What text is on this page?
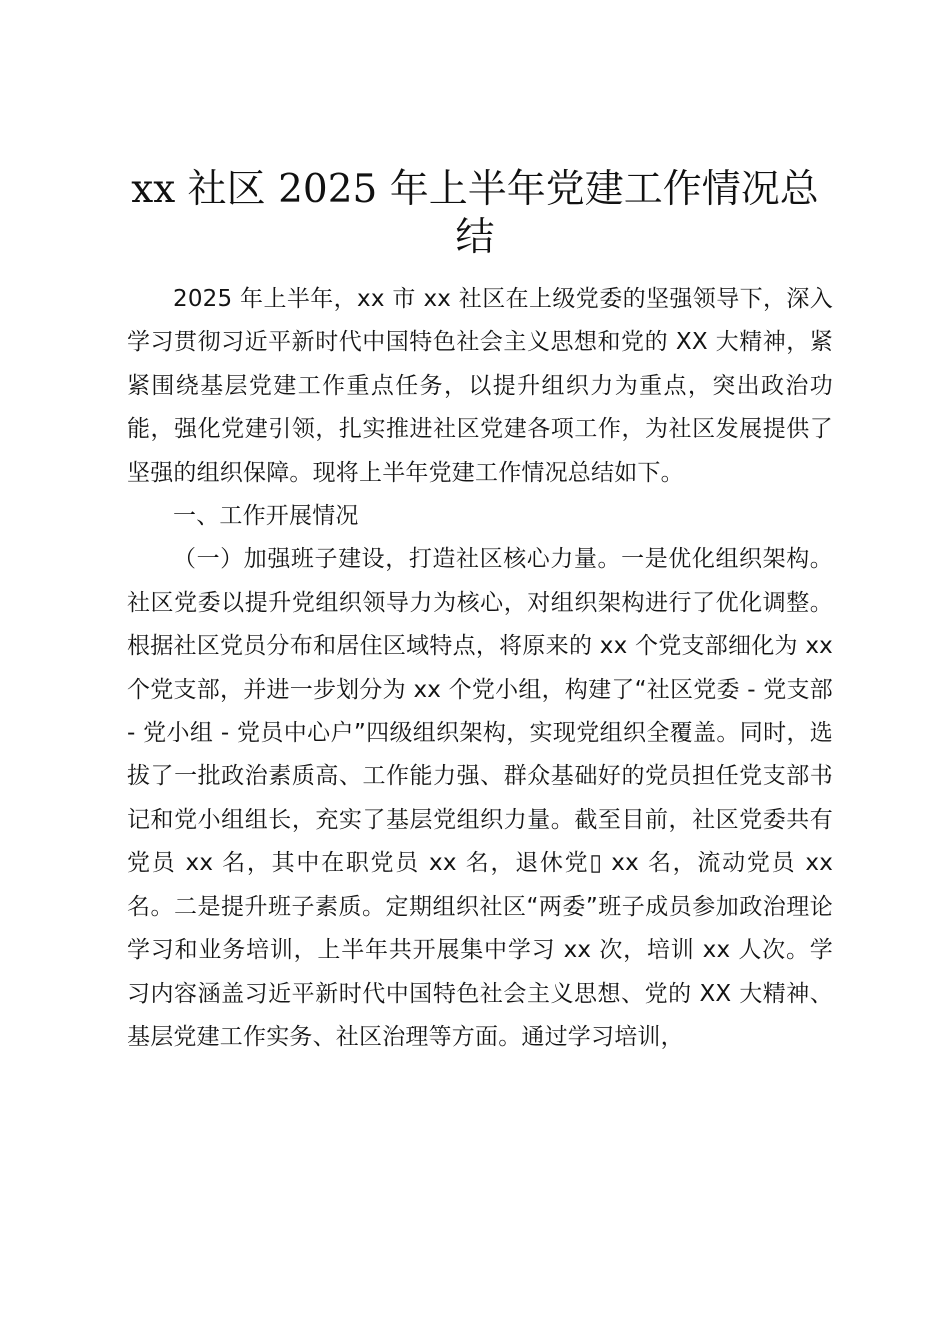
xx 社区 2025 年上半年党建工作情况总结

2025 年上半年，xx 市 xx 社区在上级党委的坚强领导下，深入学习贯彻习近平新时代中国特色社会主义思想和党的 XX 大精神，紧紧围绕基层党建工作重点任务，以提升组织力为重点，突出政治功能，强化党建引领，扎实推进社区党建各项工作，为社区发展提供了坚强的组织保障。现将上半年党建工作情况总结如下。

一、工作开展情况

（一）加强班子建设，打造社区核心力量。一是优化组织架构。社区党委以提升党组织领导力为核心，对组织架构进行了优化调整。根据社区党员分布和居住区域特点，将原来的 xx 个党支部细化为 xx 个党支部，并进一步划分为 xx 个党小组，构建了“社区党委 - 党支部 - 党小组 - 党员中心户”四级组织架构，实现党组织全覆盖。同时，选拔了一批政治素质高、工作能力强、群众基础好的党员担任党支部书记和党小组组长，充实了基层党组织力量。截至目前，社区党委共有党员 xx 名，其中在职党员 xx 名，退休党▯ xx 名，流动党员 xx 名。二是提升班子素质。定期组织社区“两委”班子成员参加政治理论学习和业务培训，上半年共开展集中学习 xx 次，培训 xx 人次。学习内容涵盖习近平新时代中国特色社会主义思想、党的 XX 大精神、基层党建工作实务、社区治理等方面。通过学习培训，
